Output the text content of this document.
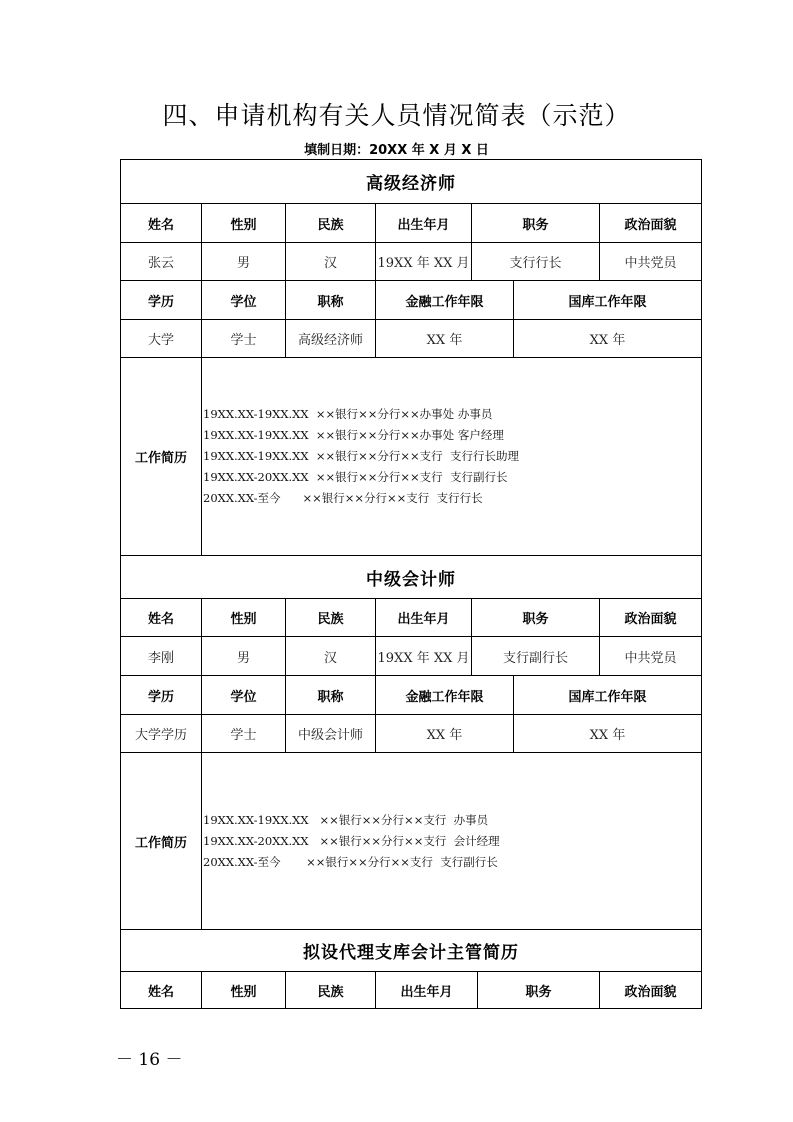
四、申请机构有关人员情况简表（示范）
填制日期：20XX 年 X 月 X 日
高级经济师
姓名	性别	民族	出生年月	职务	政治面貌
张云	男	汉	19XX 年 XX 月	支行行长	中共党员
学历	学位	职称	金融工作年限	国库工作年限
大学	学士	高级经济师	XX 年	XX 年
工作简历
19XX.XX-19XX.XX  ××银行××分行××办事处 办事员
19XX.XX-19XX.XX  ××银行××分行××办事处 客户经理
19XX.XX-19XX.XX  ××银行××分行××支行  支行行长助理
19XX.XX-20XX.XX  ××银行××分行××支行  支行副行长
20XX.XX-至今      ××银行××分行××支行  支行行长
中级会计师
姓名	性别	民族	出生年月	职务	政治面貌
李刚	男	汉	19XX 年 XX 月	支行副行长	中共党员
学历	学位	职称	金融工作年限	国库工作年限
大学学历	学士	中级会计师	XX 年	XX 年
工作简历
19XX.XX-19XX.XX   ××银行××分行××支行  办事员
19XX.XX-20XX.XX   ××银行××分行××支行  会计经理
20XX.XX-至今       ××银行××分行××支行  支行副行长
拟设代理支库会计主管简历
姓名	性别	民族	出生年月	职务	政治面貌
－ 16 －
